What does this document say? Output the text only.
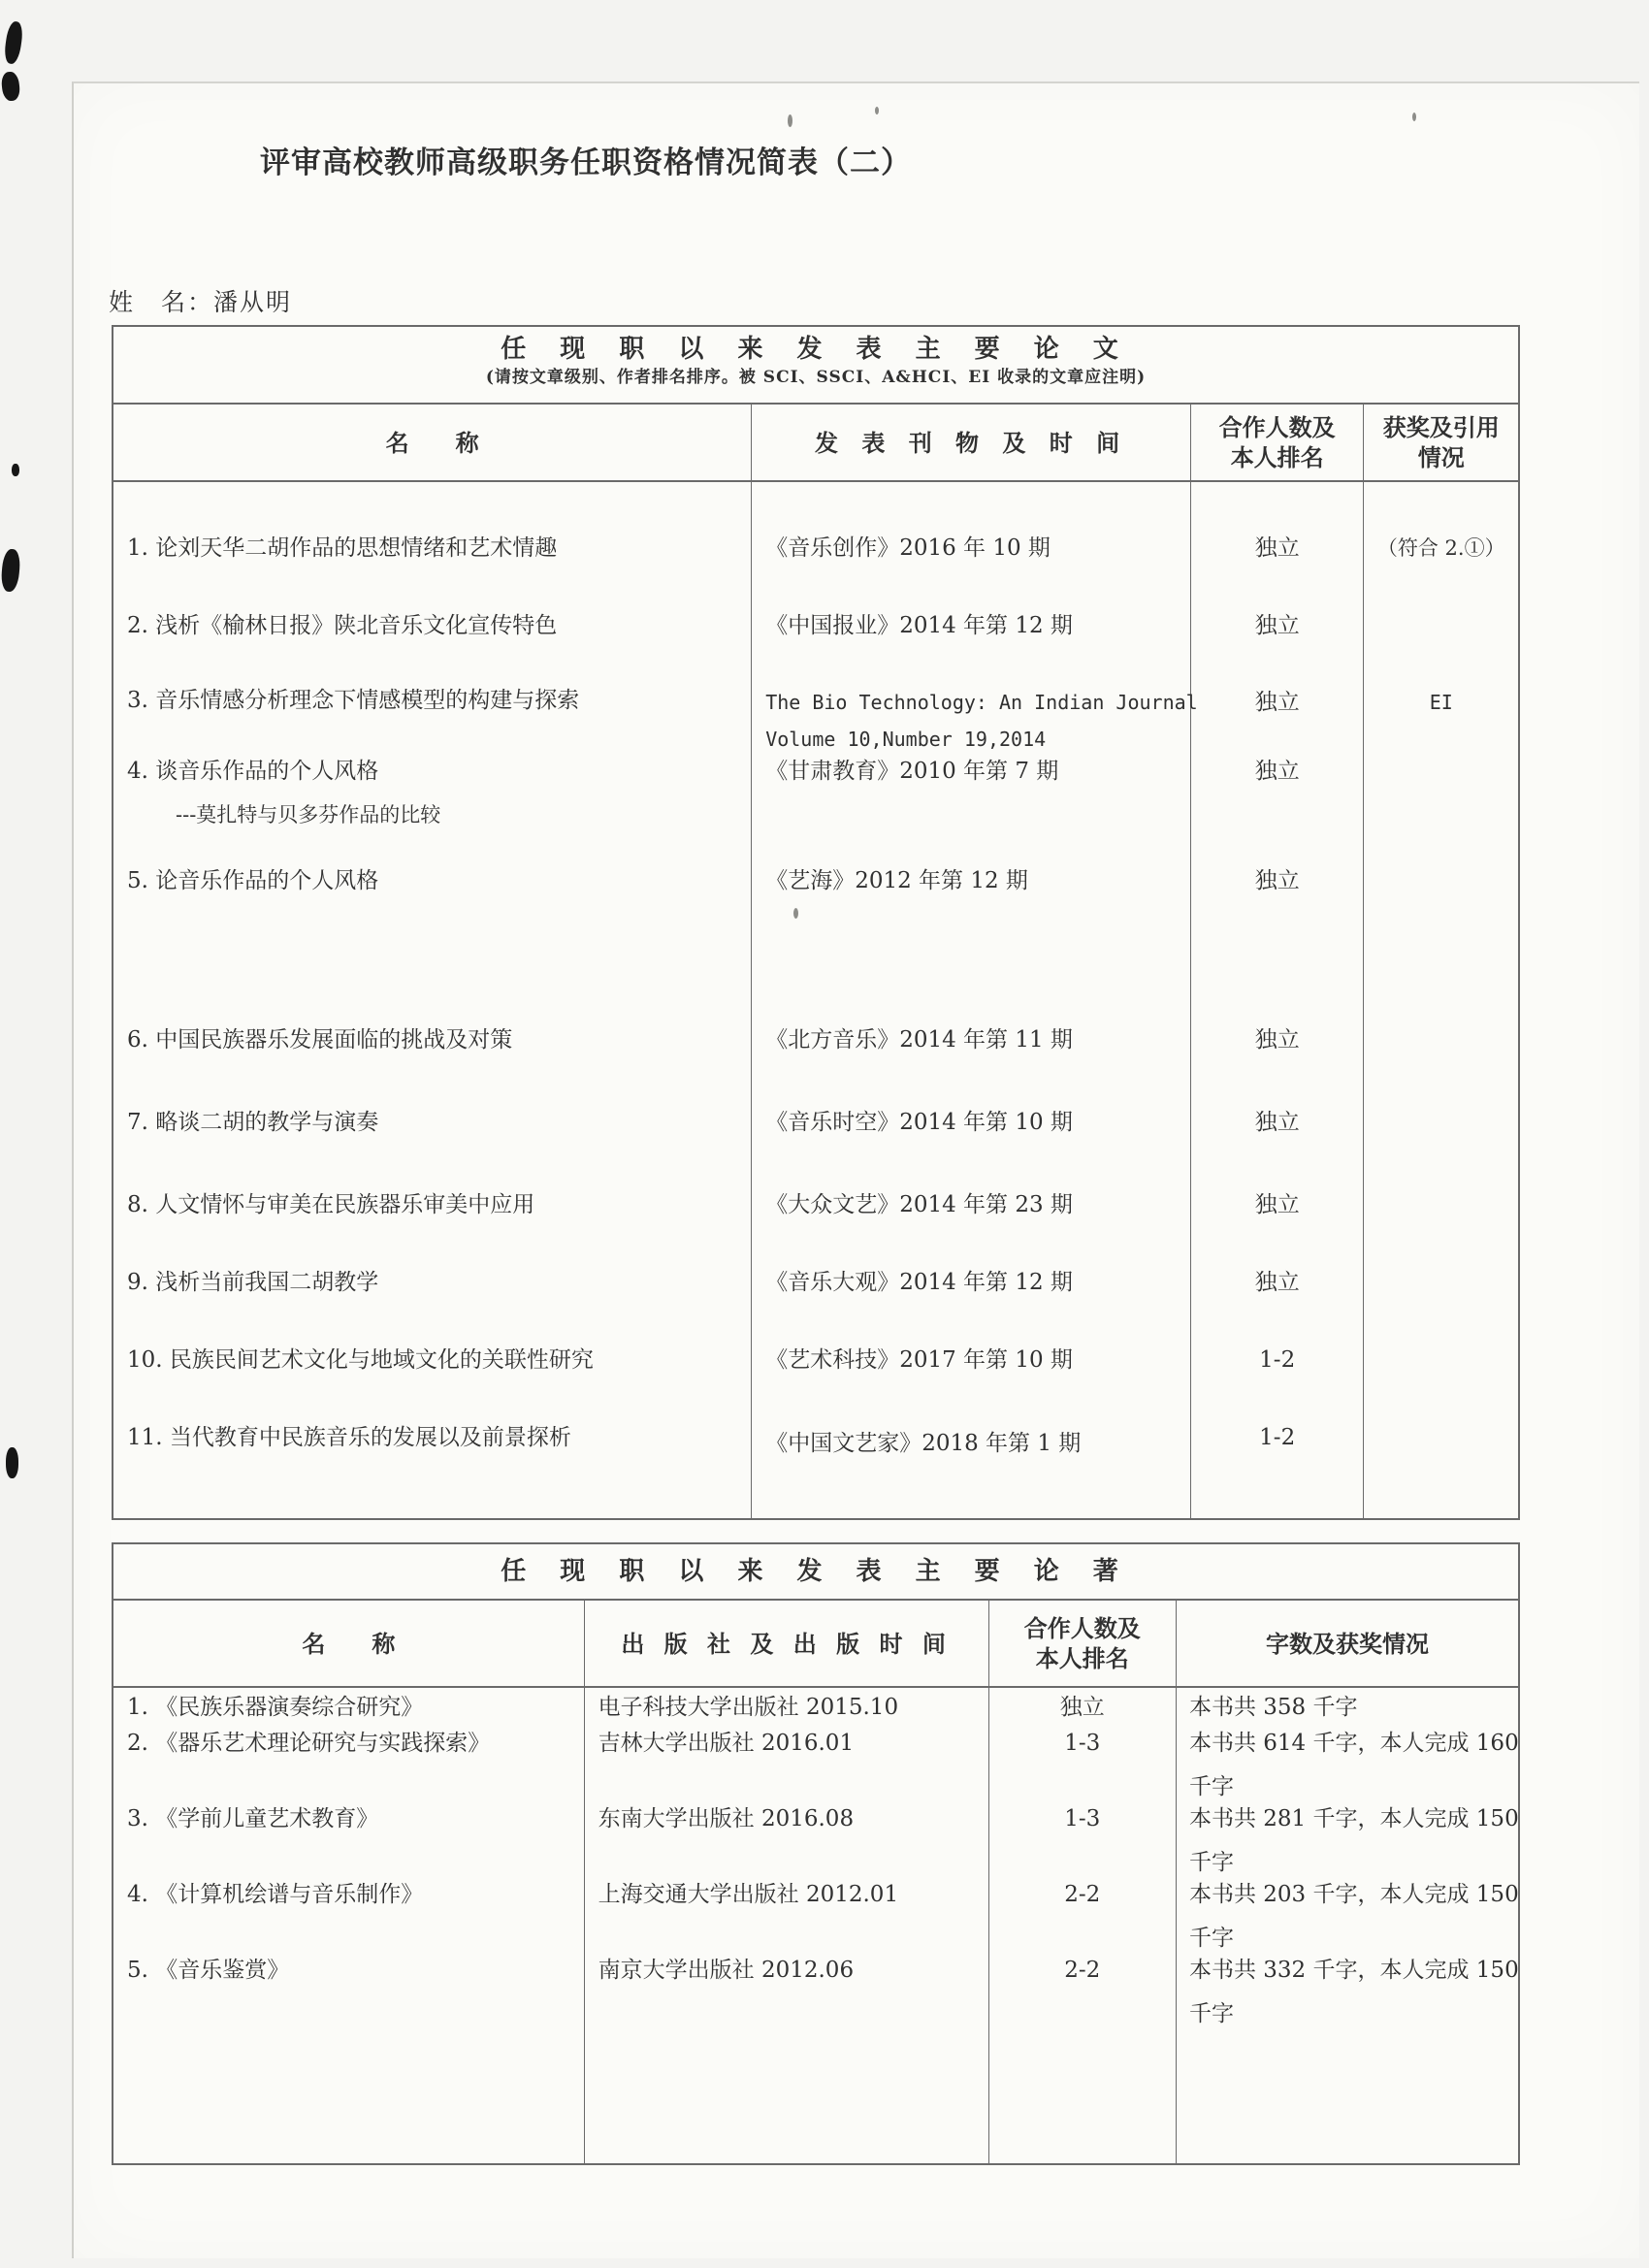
评审高校教师高级职务任职资格情况简表（二）
姓　名：潘从明
任 现 职 以 来 发 表 主 要 论 文
(请按文章级别、作者排名排序。被 SCI、SSCI、A&HCI、EI 收录的文章应注明)
名　　称	发 表 刊 物 及 时 间
合作人数及
本人排名
获奖及引用
情况
1. 论刘天华二胡作品的思想情绪和艺术情趣
2. 浅析《榆林日报》陕北音乐文化宣传特色
3. 音乐情感分析理念下情感模型的构建与探索
4. 谈音乐作品的个人风格
---莫扎特与贝多芬作品的比较
5. 论音乐作品的个人风格
6. 中国民族器乐发展面临的挑战及对策
7. 略谈二胡的教学与演奏
8. 人文情怀与审美在民族器乐审美中应用
9. 浅析当前我国二胡教学
10. 民族民间艺术文化与地域文化的关联性研究
11. 当代教育中民族音乐的发展以及前景探析
《音乐创作》2016 年 10 期
《中国报业》2014 年第 12 期
The Bio Technology: An Indian Journal
Volume 10,Number 19,2014
《甘肃教育》2010 年第 7 期
《艺海》2012 年第 12 期
《北方音乐》2014 年第 11 期
《音乐时空》2014 年第 10 期
《大众文艺》2014 年第 23 期
《音乐大观》2014 年第 12 期
《艺术科技》2017 年第 10 期
《中国文艺家》2018 年第 1 期
独立
独立
独立
独立
独立
独立
独立
独立
独立
1-2
1-2
（符合 2.①）
EI
任 现 职 以 来 发 表 主 要 论 著
名　　称	出 版 社 及 出 版 时 间
合作人数及
本人排名
字数及获奖情况
1. 《民族乐器演奏综合研究》
2. 《器乐艺术理论研究与实践探索》
3. 《学前儿童艺术教育》
4. 《计算机绘谱与音乐制作》
5. 《音乐鉴赏》
电子科技大学出版社 2015.10
吉林大学出版社 2016.01
东南大学出版社 2016.08
上海交通大学出版社 2012.01
南京大学出版社 2012.06
独立
1-3
1-3
2-2
2-2
本书共 358 千字
本书共 614 千字，本人完成 160
千字
本书共 281 千字，本人完成 150
千字
本书共 203 千字，本人完成 150
千字
本书共 332 千字，本人完成 150
千字
